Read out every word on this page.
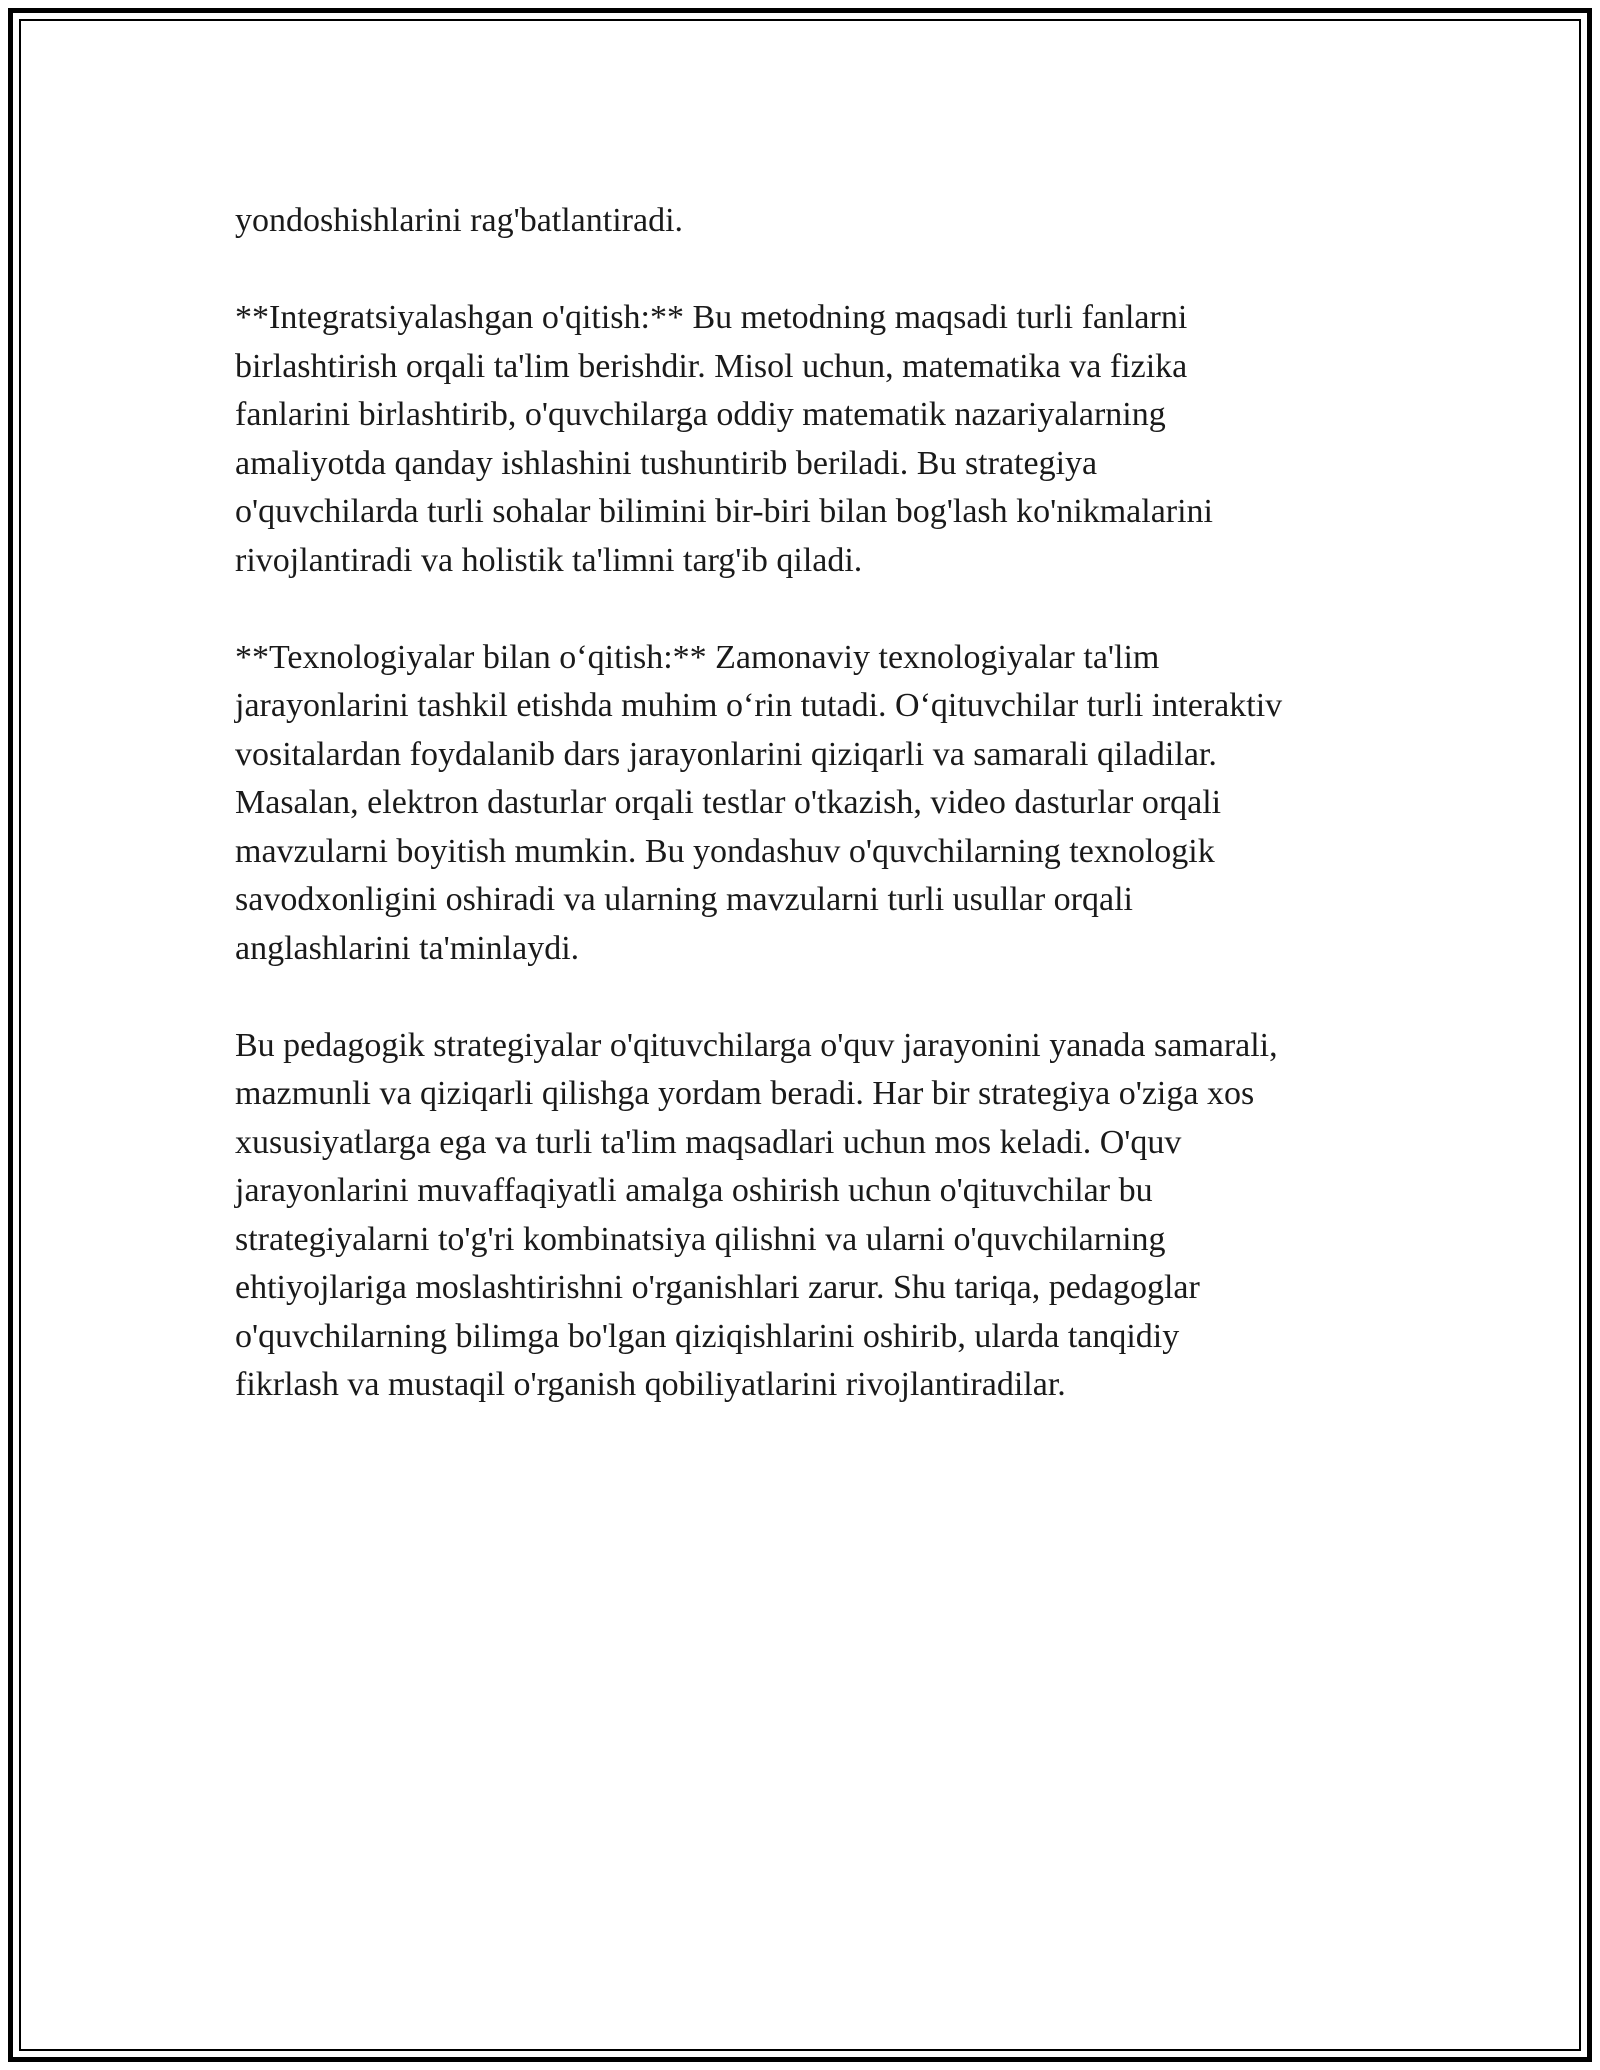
yondoshishlarini rag'batlantiradi.

**Integratsiyalashgan o'qitish:** Bu metodning maqsadi turli fanlarni
birlashtirish orqali ta'lim berishdir. Misol uchun, matematika va fizika
fanlarini birlashtirib, o'quvchilarga oddiy matematik nazariyalarning
amaliyotda qanday ishlashini tushuntirib beriladi. Bu strategiya
o'quvchilarda turli sohalar bilimini bir-biri bilan bog'lash ko'nikmalarini
rivojlantiradi va holistik ta'limni targ'ib qiladi.

**Texnologiyalar bilan o‘qitish:** Zamonaviy texnologiyalar ta'lim
jarayonlarini tashkil etishda muhim o‘rin tutadi. O‘qituvchilar turli interaktiv
vositalardan foydalanib dars jarayonlarini qiziqarli va samarali qiladilar.
Masalan, elektron dasturlar orqali testlar o'tkazish, video dasturlar orqali
mavzularni boyitish mumkin. Bu yondashuv o'quvchilarning texnologik
savodxonligini oshiradi va ularning mavzularni turli usullar orqali
anglashlarini ta'minlaydi.

Bu pedagogik strategiyalar o'qituvchilarga o'quv jarayonini yanada samarali,
mazmunli va qiziqarli qilishga yordam beradi. Har bir strategiya o'ziga xos
xususiyatlarga ega va turli ta'lim maqsadlari uchun mos keladi. O'quv
jarayonlarini muvaffaqiyatli amalga oshirish uchun o'qituvchilar bu
strategiyalarni to'g'ri kombinatsiya qilishni va ularni o'quvchilarning
ehtiyojlariga moslashtirishni o'rganishlari zarur. Shu tariqa, pedagoglar
o'quvchilarning bilimga bo'lgan qiziqishlarini oshirib, ularda tanqidiy
fikrlash va mustaqil o'rganish qobiliyatlarini rivojlantiradilar.
